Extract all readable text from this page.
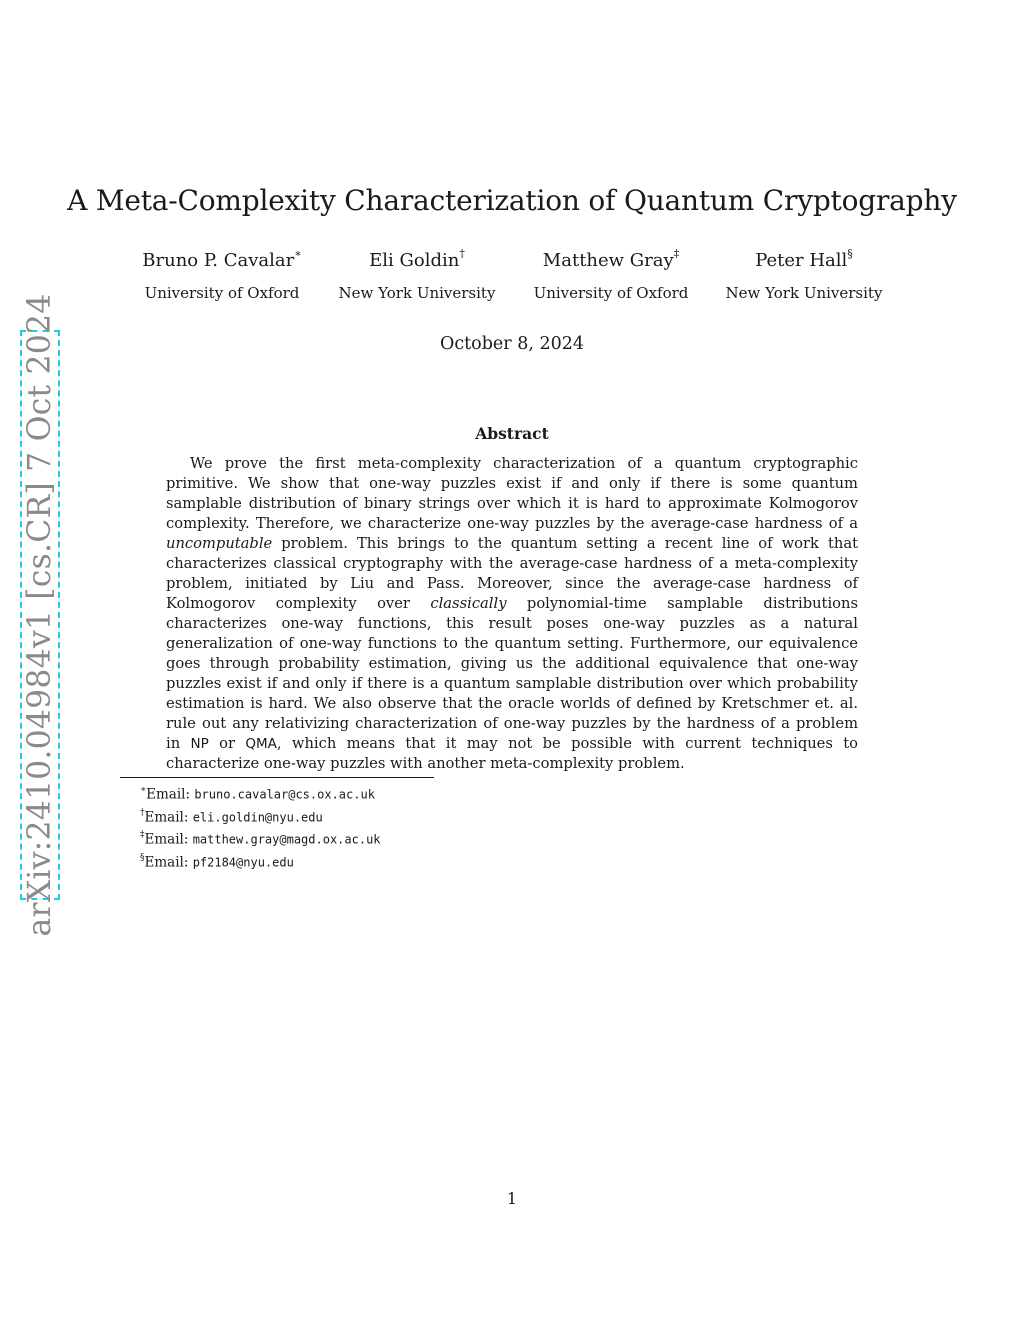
arXiv:2410.04984v1 [cs.CR] 7 Oct 2024
A Meta-Complexity Characterization of Quantum Cryptography
Bruno P. Cavalar∗
University of Oxford
Eli Goldin†
New York University
Matthew Gray‡
University of Oxford
Peter Hall§
New York University
October 8, 2024
Abstract
We prove the first meta-complexity characterization of a quantum cryptographic primitive. We show that one-way puzzles exist if and only if there is some quantum samplable distribution of binary strings over which it is hard to approximate Kolmogorov complexity. Therefore, we characterize one-way puzzles by the average-case hardness of a uncomputable problem. This brings to the quantum setting a recent line of work that characterizes classical cryptography with the average-case hardness of a meta-complexity problem, initiated by Liu and Pass. Moreover, since the average-case hardness of Kolmogorov complexity over classically polynomial-time samplable distributions characterizes one-way functions, this result poses one-way puzzles as a natural generalization of one-way functions to the quantum setting. Furthermore, our equivalence goes through probability estimation, giving us the additional equivalence that one-way puzzles exist if and only if there is a quantum samplable distribution over which probability estimation is hard. We also observe that the oracle worlds of defined by Kretschmer et. al. rule out any relativizing characterization of one-way puzzles by the hardness of a problem in NP or QMA, which means that it may not be possible with current techniques to characterize one-way puzzles with another meta-complexity problem.
∗Email: bruno.cavalar@cs.ox.ac.uk
†Email: eli.goldin@nyu.edu
‡Email: matthew.gray@magd.ox.ac.uk
§Email: pf2184@nyu.edu
1
